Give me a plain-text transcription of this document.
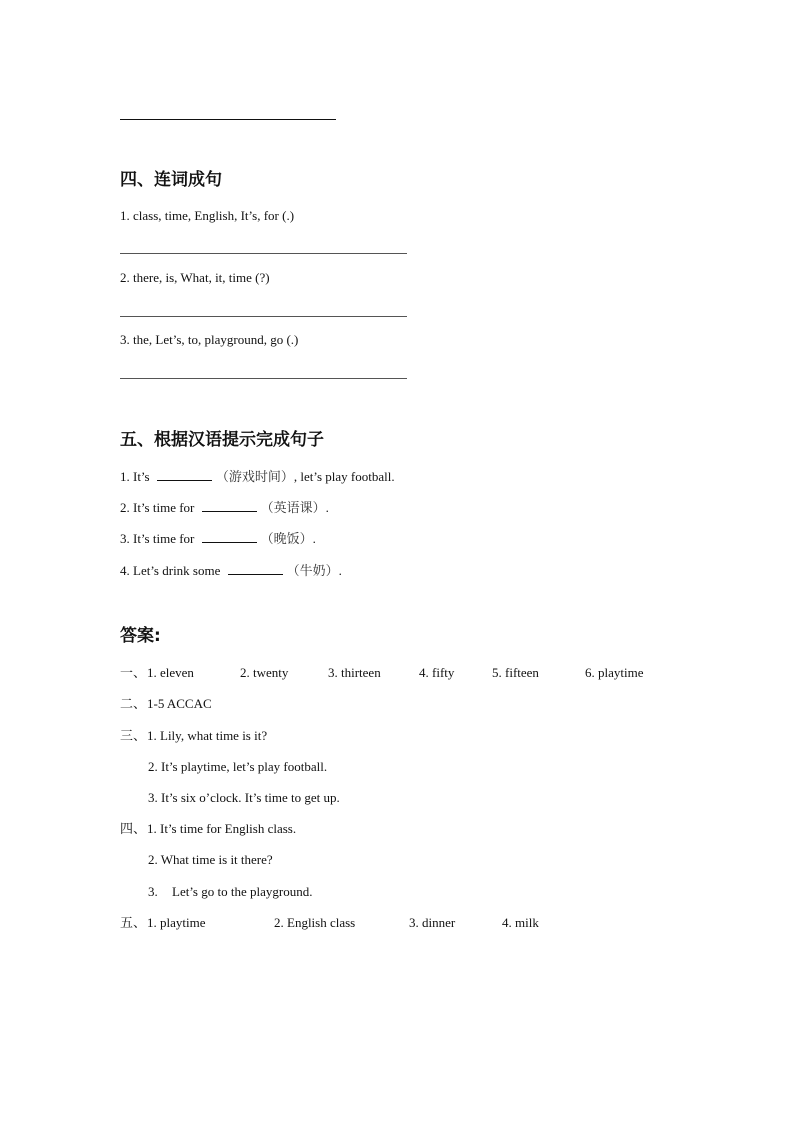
四、连词成句
1. class, time, English, It’s, for (.)
2. there, is, What, it, time (?)
3. the, Let’s, to, playground, go (.)
五、根据汉语提示完成句子
1. It’s	（游戏时间）, let’s play football.
2. It’s time for	（英语课）.
3. It’s time for	（晚饭）.
4. Let’s drink some	（牛奶）.
答案:
一、 1. eleven	2. twenty	3. thirteen	4. fifty	5. fifteen	6. playtime
二、 1-5 ACCAC
三、 1. Lily, what time is it?
2. It’s playtime, let’s play football.
3. It’s six o’clock. It’s time to get up.
四、 1. It’s time for English class.
2. What time is it there?
3. Let’s go to the playground.
五、 1. playtime	2. English class	3. dinner	4. milk
